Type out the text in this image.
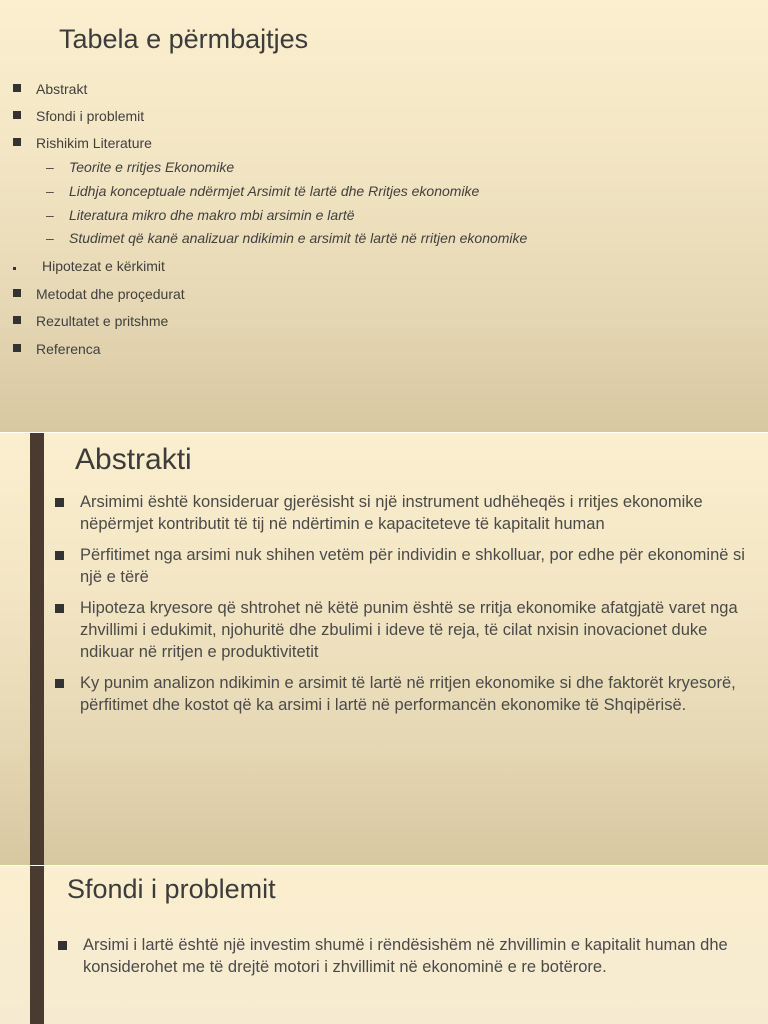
Tabela e përmbajtjes
Abstrakt
Sfondi i problemit
Rishikim Literature
– Teorite e rritjes Ekonomike
– Lidhja konceptuale ndërmjet Arsimit të lartë dhe Rritjes ekonomike
– Literatura mikro dhe makro mbi arsimin e lartë
– Studimet që kanë analizuar ndikimin e arsimit të lartë në rritjen ekonomike
Hipotezat e kërkimit
Metodat dhe proçedurat
Rezultatet e pritshme
Referenca
Abstrakti
Arsimimi është konsideruar gjerësisht si një instrument udhëheqës i rritjes ekonomike nëpërmjet kontributit të tij në ndërtimin e kapaciteteve të kapitalit human
Përfitimet nga arsimi nuk shihen vetëm për individin e shkolluar, por edhe për ekonominë si një e tërë
Hipoteza kryesore që shtrohet në këtë punim është se rritja ekonomike afatgjatë varet nga zhvillimi i edukimit, njohuritë dhe zbulimi i ideve të reja, të cilat nxisin inovacionet duke ndikuar në rritjen e produktivitetit
Ky punim analizon ndikimin e arsimit të lartë në rritjen ekonomike si dhe faktorët kryesorë, përfitimet dhe kostot që ka arsimi i lartë në performancën ekonomike të Shqipërisë.
Sfondi i problemit
Arsimi i lartë është një investim shumë i rëndësishëm në zhvillimin e kapitalit human dhe konsiderohet me të drejtë motori i zhvillimit në ekonominë e re botërore.
